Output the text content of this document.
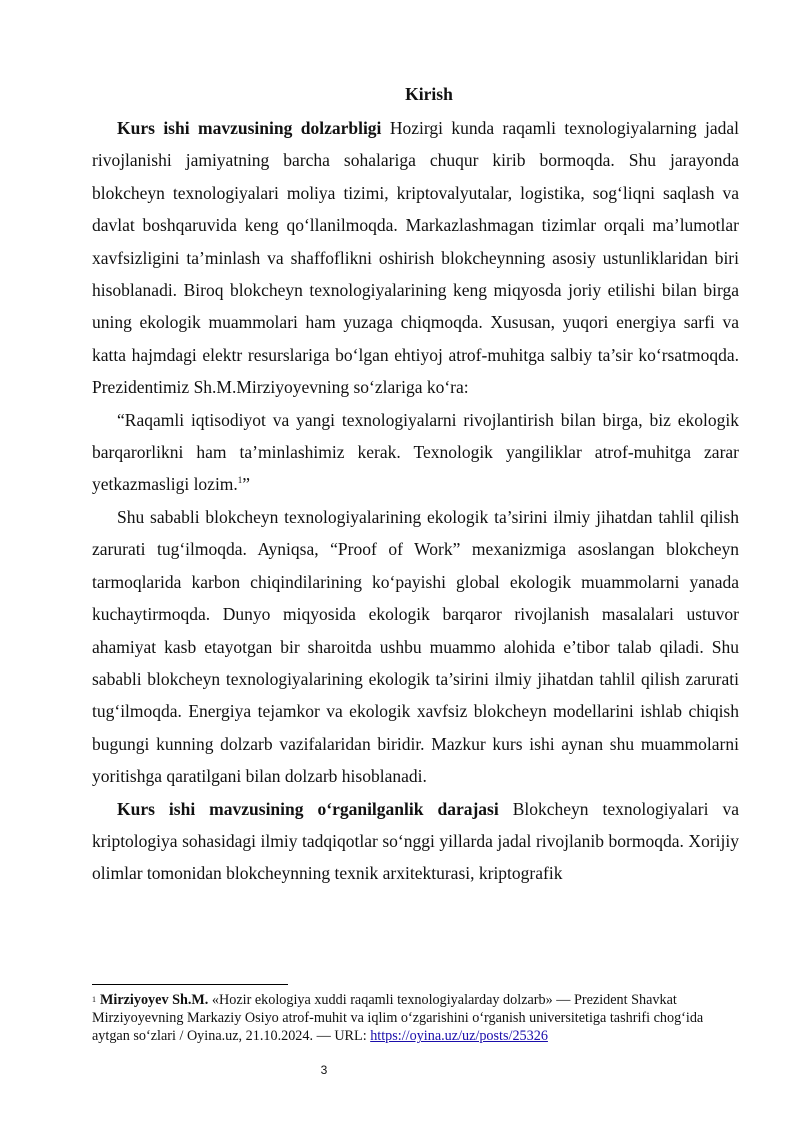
Kirish

Kurs ishi mavzusining dolzarbligi Hozirgi kunda raqamli texnologiyalarning jadal rivojlanishi jamiyatning barcha sohalariga chuqur kirib bormoqda. Shu jarayonda blokcheyn texnologiyalari moliya tizimi, kriptovalyutalar, logistika, sog‘liqni saqlash va davlat boshqaruvida keng qo‘llanilmoqda. Markazlashmagan tizimlar orqali ma’lumotlar xavfsizligini ta’minlash va shaffoflikni oshirish blokcheynning asosiy ustunliklaridan biri hisoblanadi. Biroq blokcheyn texnologiyalarining keng miqyosda joriy etilishi bilan birga uning ekologik muammolari ham yuzaga chiqmoqda. Xususan, yuqori energiya sarfi va katta hajmdagi elektr resurslariga bo‘lgan ehtiyoj atrof-muhitga salbiy ta’sir ko‘rsatmoqda. Prezidentimiz Sh.M.Mirziyoyevning so‘zlariga ko‘ra:

“Raqamli iqtisodiyot va yangi texnologiyalarni rivojlantirish bilan birga, biz ekologik barqarorlikni ham ta’minlashimiz kerak. Texnologik yangiliklar atrof-muhitga zarar yetkazmasligi lozim.$^1$”

Shu sababli blokcheyn texnologiyalarining ekologik ta’sirini ilmiy jihatdan tahlil qilish zarurati tug‘ilmoqda. Ayniqsa, “Proof of Work” mexanizmiga asoslangan blokcheyn tarmoqlarida karbon chiqindilarining ko‘payishi global ekologik muammolarni yanada kuchaytirmoqda. Dunyo miqyosida ekologik barqaror rivojlanish masalalari ustuvor ahamiyat kasb etayotgan bir sharoitda ushbu muammo alohida e’tibor talab qiladi. Shu sababli blokcheyn texnologiyalarining ekologik ta’sirini ilmiy jihatdan tahlil qilish zarurati tug‘ilmoqda. Energiya tejamkor va ekologik xavfsiz blokcheyn modellarini ishlab chiqish bugungi kunning dolzarb vazifalaridan biridir. Mazkur kurs ishi aynan shu muammolarni yoritishga qaratilgani bilan dolzarb hisoblanadi.

Kurs ishi mavzusining o‘rganilganlik darajasi Blokcheyn texnologiyalari va kriptologiya sohasidagi ilmiy tadqiqotlar so‘nggi yillarda jadal rivojlanib bormoqda. Xorijiy olimlar tomonidan blokcheynning texnik arxitekturasi, kriptografik

$^1$ Mirziyoyev Sh.M. «Hozir ekologiya xuddi raqamli texnologiyalarday dolzarb» — Prezident Shavkat Mirziyoyevning Markaziy Osiyo atrof-muhit va iqlim o‘zgarishini o‘rganish universitetiga tashrifi chog‘ida aytgan so‘zlari / Oyina.uz, 21.10.2024. — URL: https://oyina.uz/uz/posts/25326
3
